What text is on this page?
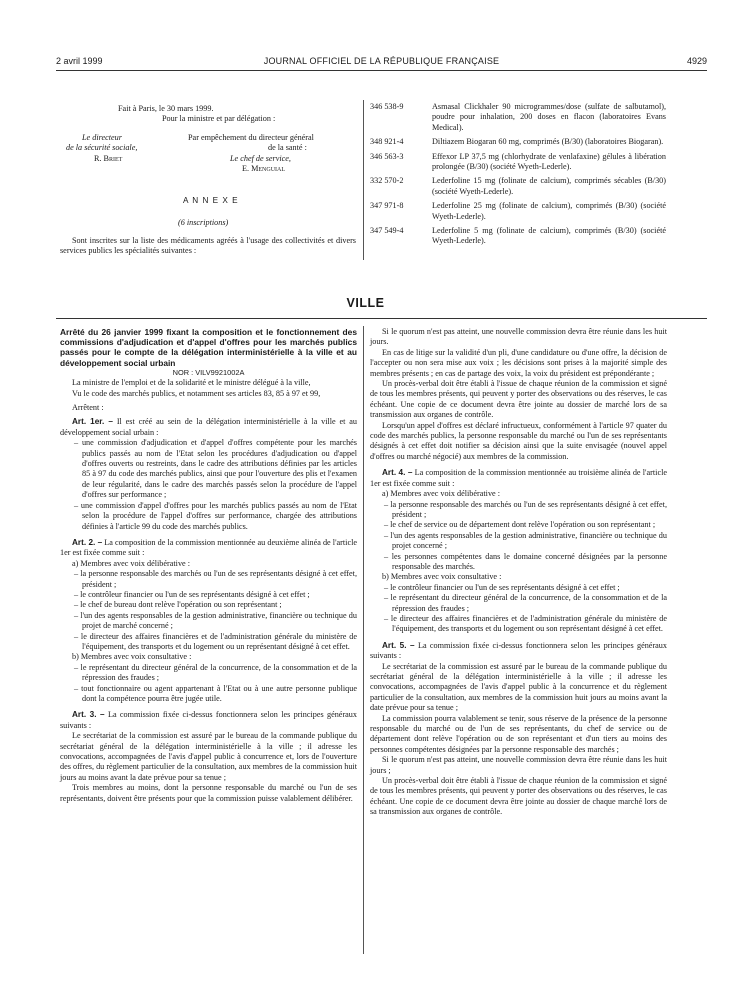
2 avril 1999	JOURNAL OFFICIEL DE LA RÉPUBLIQUE FRANÇAISE	4929

Fait à Paris, le 30 mars 1999.

Pour la ministre et par délégation :

Le directeur
de la sécurité sociale,
R. Briet
Par empêchement du directeur général
de la santé :
Le chef de service,
E. Menguial
A N N E X E
(6 inscriptions)

Sont inscrites sur la liste des médicaments agréés à l'usage des collectivités et divers services publics les spécialités suivantes :

346 538-9	Asmasal Clickhaler 90 microgrammes/dose (sulfate de salbutamol), poudre pour inhalation, 200 doses en flacon (laboratoires Evans Medical).
348 921-4	Diltiazem Biogaran 60 mg, comprimés (B/30) (laboratoires Biogaran).
346 563-3	Effexor LP 37,5 mg (chlorhydrate de venlafaxine) gélules à libération prolongée (B/30) (société Wyeth-Lederle).
332 570-2	Lederfoline 15 mg (folinate de calcium), comprimés sécables (B/30) (société Wyeth-Lederle).
347 971-8	Lederfoline 25 mg (folinate de calcium), comprimés (B/30) (société Wyeth-Lederle).
347 549-4	Lederfoline 5 mg (folinate de calcium), comprimés (B/30) (société Wyeth-Lederle).
VILLE

Arrêté du 26 janvier 1999 fixant la composition et le fonctionnement des commissions d'adjudication et d'appel d'offres pour les marchés publics passés pour le compte de la délégation interministérielle à la ville et au développement social urbain

NOR : VILV9921002A

La ministre de l'emploi et de la solidarité et le ministre délégué à la ville,

Vu le code des marchés publics, et notamment ses articles 83, 85 à 97 et 99,

Arrêtent :

Art. 1er. – Il est créé au sein de la délégation interministérielle à la ville et au développement social urbain :

– une commission d'adjudication et d'appel d'offres compétente pour les marchés publics passés au nom de l'Etat selon les procédures d'adjudication ou d'appel d'offres ouverts ou restreints, dans le cadre des attributions définies par les articles 85 à 97 du code des marchés publics, ainsi que pour l'ouverture des plis et l'examen de leur régularité, dans le cadre des marchés passés selon la procédure de l'appel d'offres sur performance ;

– une commission d'appel d'offres pour les marchés publics passés au nom de l'Etat selon la procédure de l'appel d'offres sur performance, chargée des attributions définies à l'article 99 du code des marchés publics.

Art. 2. – La composition de la commission mentionnée au deuxième alinéa de l'article 1er est fixée comme suit :

a) Membres avec voix délibérative :

– la personne responsable des marchés ou l'un de ses représentants désigné à cet effet, président ;

– le contrôleur financier ou l'un de ses représentants désigné à cet effet ;

– le chef de bureau dont relève l'opération ou son représentant ;

– l'un des agents responsables de la gestion administrative, financière ou technique du projet de marché concerné ;

– le directeur des affaires financières et de l'administration générale du ministère de l'équipement, des transports et du logement ou un représentant désigné à cet effet.

b) Membres avec voix consultative :

– le représentant du directeur général de la concurrence, de la consommation et de la répression des fraudes ;

– tout fonctionnaire ou agent appartenant à l'Etat ou à une autre personne publique dont la compétence pourra être jugée utile.

Art. 3. – La commission fixée ci-dessus fonctionnera selon les principes généraux suivants :

Le secrétariat de la commission est assuré par le bureau de la commande publique du secrétariat général de la délégation interministérielle à la ville ; il adresse les convocations, accompagnées de l'avis d'appel public à concurrence et, lors de l'ouverture des offres, du règlement particulier de la consultation, aux membres de la commission huit jours au moins avant la date prévue pour sa tenue ;

Trois membres au moins, dont la personne responsable du marché ou l'un de ses représentants, doivent être présents pour que la commission puisse valablement délibérer.

Si le quorum n'est pas atteint, une nouvelle commission devra être réunie dans les huit jours.

En cas de litige sur la validité d'un pli, d'une candidature ou d'une offre, la décision de l'accepter ou non sera mise aux voix ; les décisions sont prises à la majorité simple des membres présents ; en cas de partage des voix, la voix du président est prépondérante ;

Un procès-verbal doit être établi à l'issue de chaque réunion de la commission et signé de tous les membres présents, qui peuvent y porter des observations ou des réserves, le cas échéant. Une copie de ce document devra être jointe au dossier de marché lors de sa transmission aux organes de contrôle.

Lorsqu'un appel d'offres est déclaré infructueux, conformément à l'article 97 quater du code des marchés publics, la personne responsable du marché ou l'un de ses représentants désignés à cet effet doit notifier sa décision ainsi que la suite envisagée (nouvel appel d'offres ou marché négocié) aux membres de la commission.

Art. 4. – La composition de la commission mentionnée au troisième alinéa de l'article 1er est fixée comme suit :

a) Membres avec voix délibérative :

– la personne responsable des marchés ou l'un de ses représentants désigné à cet effet, président ;

– le chef de service ou de département dont relève l'opération ou son représentant ;

– l'un des agents responsables de la gestion administrative, financière ou technique du projet concerné ;

– les personnes compétentes dans le domaine concerné désignées par la personne responsable des marchés.

b) Membres avec voix consultative :

– le contrôleur financier ou l'un de ses représentants désigné à cet effet ;

– le représentant du directeur général de la concurrence, de la consommation et de la répression des fraudes ;

– le directeur des affaires financières et de l'administration générale du ministère de l'équipement, des transports et du logement ou son représentant désigné à cet effet.

Art. 5. – La commission fixée ci-dessus fonctionnera selon les principes généraux suivants :

Le secrétariat de la commission est assuré par le bureau de la commande publique du secrétariat général de la délégation interministérielle à la ville ; il adresse les convocations, accompagnées de l'avis d'appel public à la concurrence et du règlement particulier de la consultation, aux membres de la commission huit jours au moins avant la date prévue pour sa tenue ;

La commission pourra valablement se tenir, sous réserve de la présence de la personne responsable du marché ou de l'un de ses représentants, du chef de service ou de département dont relève l'opération ou de son représentant et d'un tiers au moins des personnes compétentes désignées par la personne responsable des marchés ;

Si le quorum n'est pas atteint, une nouvelle commission devra être réunie dans les huit jours ;

Un procès-verbal doit être établi à l'issue de chaque réunion de la commission et signé de tous les membres présents, qui peuvent y porter des observations ou des réserves, le cas échéant. Une copie de ce document devra être jointe au dossier de chaque marché lors de sa transmission aux organes de contrôle.
